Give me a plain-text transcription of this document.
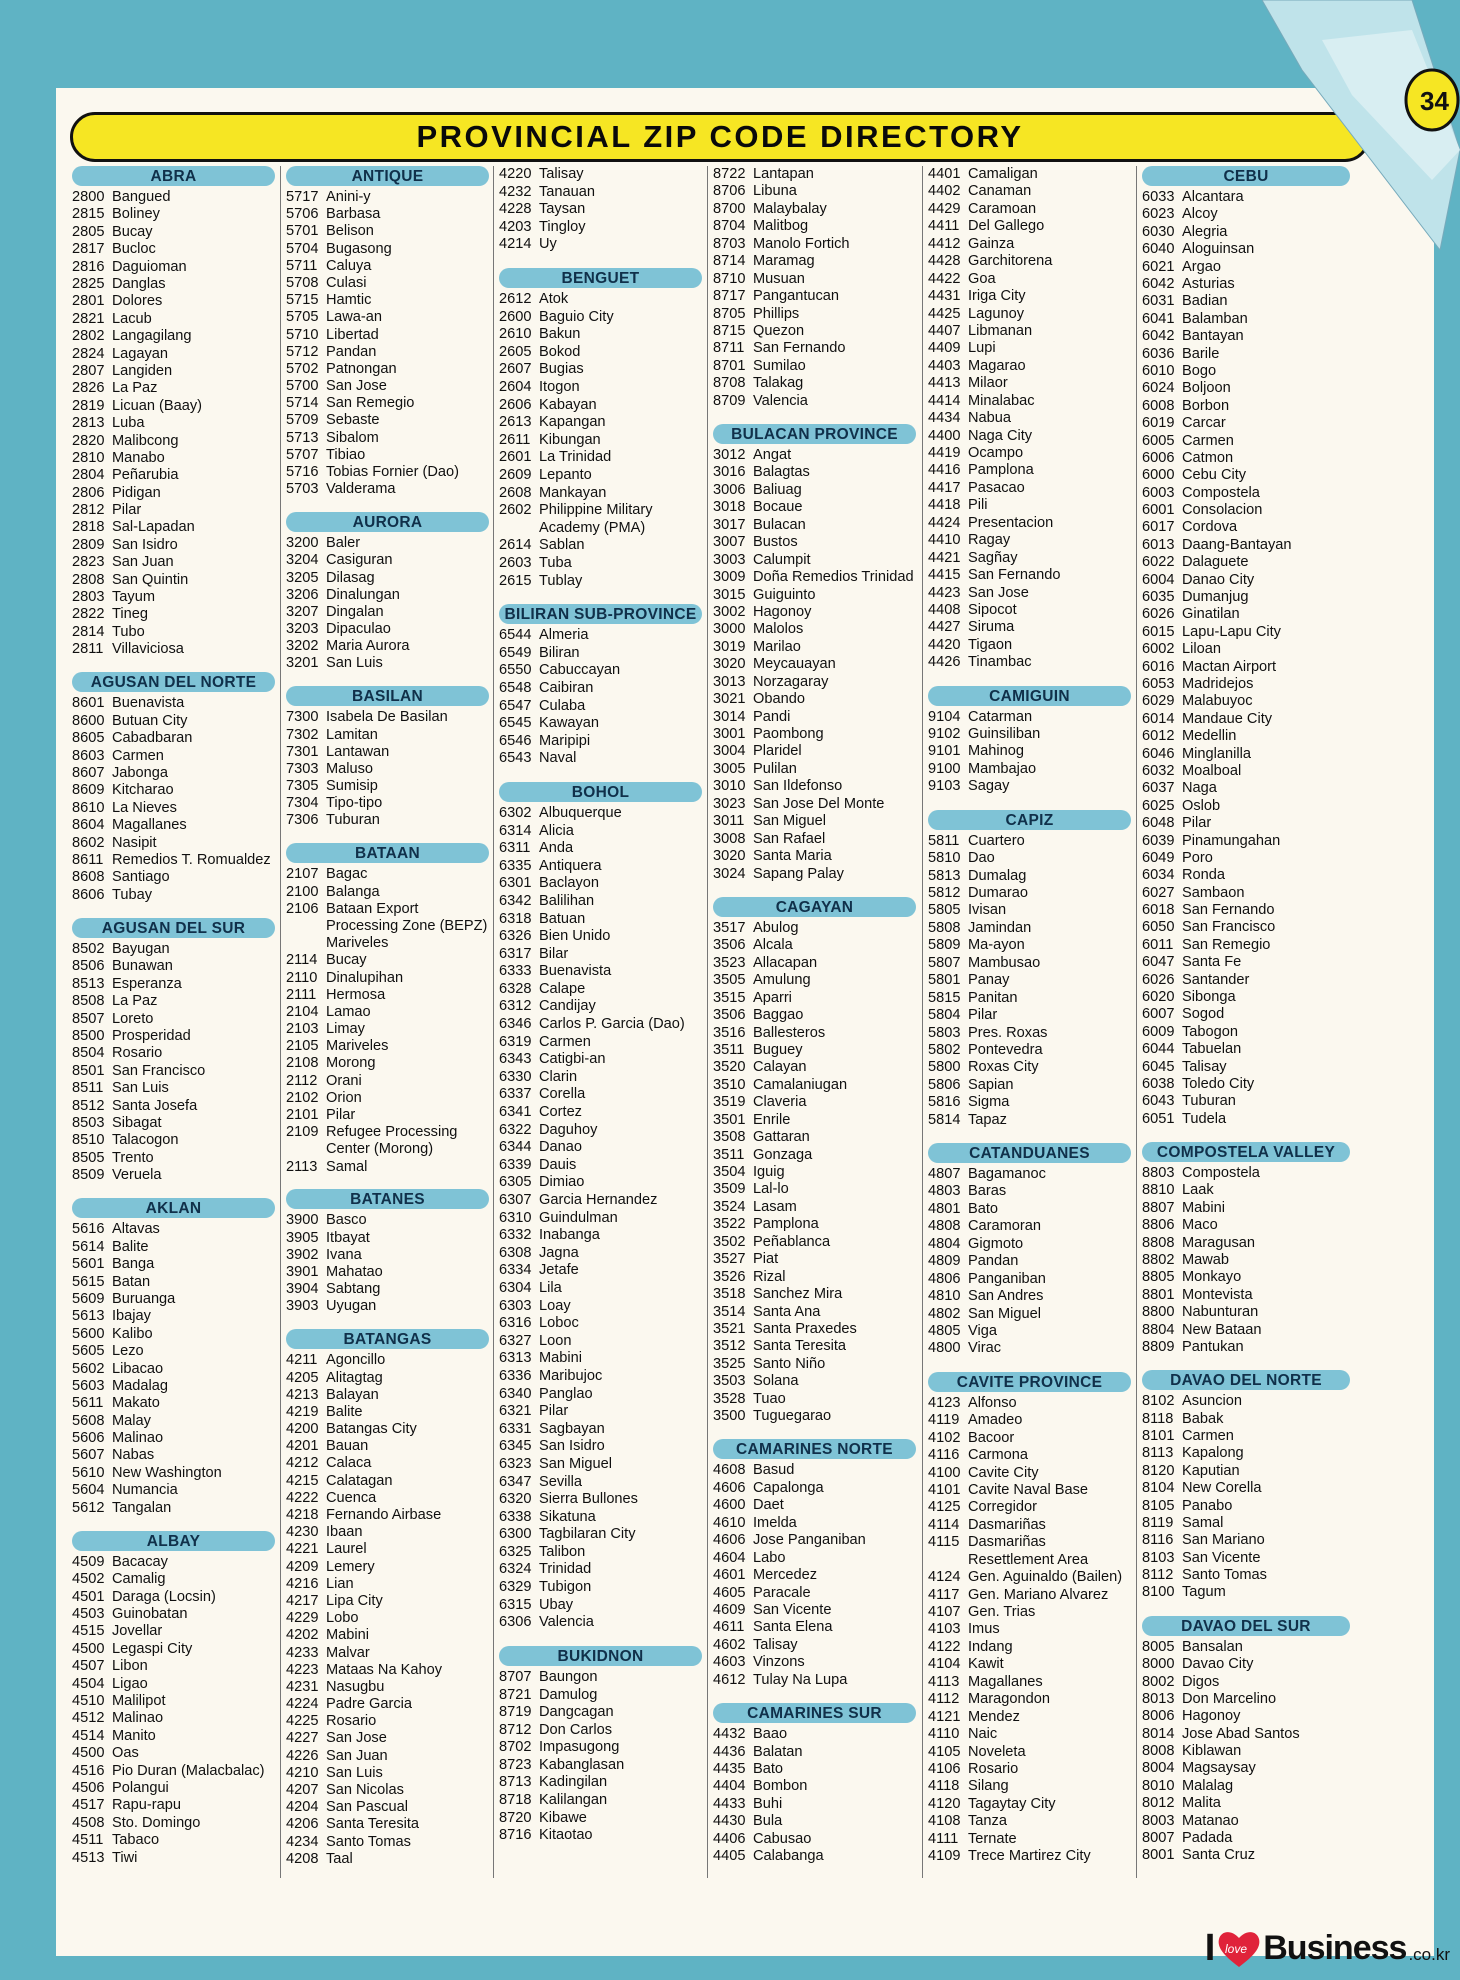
PROVINCIAL ZIP CODE DIRECTORY
34
ABRA
2800 Bangued
2815 Boliney
2805 Bucay
2817 Bucloc
2816 Daguioman
2825 Danglas
2801 Dolores
2821 Lacub
2802 Langagilang
2824 Lagayan
2807 Langiden
2826 La Paz
2819 Licuan (Baay)
2813 Luba
2820 Malibcong
2810 Manabo
2804 Peñarubia
2806 Pidigan
2812 Pilar
2818 Sal-Lapadan
2809 San Isidro
2823 San Juan
2808 San Quintin
2803 Tayum
2822 Tineg
2814 Tubo
2811 Villaviciosa
AGUSAN DEL NORTE
8601 Buenavista
8600 Butuan City
8605 Cabadbaran
8603 Carmen
8607 Jabonga
8609 Kitcharao
8610 La Nieves
8604 Magallanes
8602 Nasipit
8611 Remedios T. Romualdez
8608 Santiago
8606 Tubay
AGUSAN DEL SUR
8502 Bayugan
8506 Bunawan
8513 Esperanza
8508 La Paz
8507 Loreto
8500 Prosperidad
8504 Rosario
8501 San Francisco
8511 San Luis
8512 Santa Josefa
8503 Sibagat
8510 Talacogon
8505 Trento
8509 Veruela
AKLAN
5616 Altavas
5614 Balite
5601 Banga
5615 Batan
5609 Buruanga
5613 Ibajay
5600 Kalibo
5605 Lezo
5602 Libacao
5603 Madalag
5611 Makato
5608 Malay
5606 Malinao
5607 Nabas
5610 New Washington
5604 Numancia
5612 Tangalan
ALBAY
4509 Bacacay
4502 Camalig
4501 Daraga (Locsin)
4503 Guinobatan
4515 Jovellar
4500 Legaspi City
4507 Libon
4504 Ligao
4510 Malilipot
4512 Malinao
4514 Manito
4500 Oas
4516 Pio Duran (Malacbalac)
4506 Polangui
4517 Rapu-rapu
4508 Sto. Domingo
4511 Tabaco
4513 Tiwi
ANTIQUE
5717 Anini-y
5706 Barbasa
5701 Belison
5704 Bugasong
5711 Caluya
5708 Culasi
5715 Hamtic
5705 Lawa-an
5710 Libertad
5712 Pandan
5702 Patnongan
5700 San Jose
5714 San Remegio
5709 Sebaste
5713 Sibalom
5707 Tibiao
5716 Tobias Fornier (Dao)
5703 Valderama
AURORA
3200 Baler
3204 Casiguran
3205 Dilasag
3206 Dinalungan
3207 Dingalan
3203 Dipaculao
3202 Maria Aurora
3201 San Luis
BASILAN
7300 Isabela De Basilan
7302 Lamitan
7301 Lantawan
7303 Maluso
7305 Sumisip
7304 Tipo-tipo
7306 Tuburan
BATAAN
2107 Bagac
2100 Balanga
2106 Bataan Export Processing Zone (BEPZ) Mariveles
2114 Bucay
2110 Dinalupihan
2111 Hermosa
2104 Lamao
2103 Limay
2105 Mariveles
2108 Morong
2112 Orani
2102 Orion
2101 Pilar
2109 Refugee Processing Center (Morong)
2113 Samal
BATANES
3900 Basco
3905 Itbayat
3902 Ivana
3901 Mahatao
3904 Sabtang
3903 Uyugan
BATANGAS
4211 Agoncillo
4205 Alitagtag
4213 Balayan
4219 Balite
4200 Batangas City
4201 Bauan
4212 Calaca
4215 Calatagan
4222 Cuenca
4218 Fernando Airbase
4230 Ibaan
4221 Laurel
4209 Lemery
4216 Lian
4217 Lipa City
4229 Lobo
4202 Mabini
4233 Malvar
4223 Mataas Na Kahoy
4231 Nasugbu
4224 Padre Garcia
4225 Rosario
4227 San Jose
4226 San Juan
4210 San Luis
4207 San Nicolas
4204 San Pascual
4206 Santa Teresita
4234 Santo Tomas
4208 Taal
4220 Talisay
4232 Tanauan
4228 Taysan
4203 Tingloy
4214 Uy
BENGUET
2612 Atok
2600 Baguio City
2610 Bakun
2605 Bokod
2607 Bugias
2604 Itogon
2606 Kabayan
2613 Kapangan
2611 Kibungan
2601 La Trinidad
2609 Lepanto
2608 Mankayan
2602 Philippine Military Academy (PMA)
2614 Sablan
2603 Tuba
2615 Tublay
BILIRAN SUB-PROVINCE
6544 Almeria
6549 Biliran
6550 Cabuccayan
6548 Caibiran
6547 Culaba
6545 Kawayan
6546 Maripipi
6543 Naval
BOHOL
6302 Albuquerque
6314 Alicia
6311 Anda
6335 Antiquera
6301 Baclayon
6342 Balilihan
6318 Batuan
6326 Bien Unido
6317 Bilar
6333 Buenavista
6328 Calape
6312 Candijay
6346 Carlos P. Garcia (Dao)
6319 Carmen
6343 Catigbi-an
6330 Clarin
6337 Corella
6341 Cortez
6322 Daguhoy
6344 Danao
6339 Dauis
6305 Dimiao
6307 Garcia Hernandez
6310 Guindulman
6332 Inabanga
6308 Jagna
6334 Jetafe
6304 Lila
6303 Loay
6316 Loboc
6327 Loon
6313 Mabini
6336 Maribujoc
6340 Panglao
6321 Pilar
6331 Sagbayan
6345 San Isidro
6323 San Miguel
6347 Sevilla
6320 Sierra Bullones
6338 Sikatuna
6300 Tagbilaran City
6325 Talibon
6324 Trinidad
6329 Tubigon
6315 Ubay
6306 Valencia
BUKIDNON
8707 Baungon
8721 Damulog
8719 Dangcagan
8712 Don Carlos
8702 Impasugong
8723 Kabanglasan
8713 Kadingilan
8718 Kalilangan
8720 Kibawe
8716 Kitaotao
8722 Lantapan
8706 Libuna
8700 Malaybalay
8704 Malitbog
8703 Manolo Fortich
8714 Maramag
8710 Musuan
8717 Pangantucan
8705 Phillips
8715 Quezon
8711 San Fernando
8701 Sumilao
8708 Talakag
8709 Valencia
BULACAN PROVINCE
3012 Angat
3016 Balagtas
3006 Baliuag
3018 Bocaue
3017 Bulacan
3007 Bustos
3003 Calumpit
3009 Doña Remedios Trinidad
3015 Guiguinto
3002 Hagonoy
3000 Malolos
3019 Marilao
3020 Meycauayan
3013 Norzagaray
3021 Obando
3014 Pandi
3001 Paombong
3004 Plaridel
3005 Pulilan
3010 San Ildefonso
3023 San Jose Del Monte
3011 San Miguel
3008 San Rafael
3020 Santa Maria
3024 Sapang Palay
CAGAYAN
3517 Abulog
3506 Alcala
3523 Allacapan
3505 Amulung
3515 Aparri
3506 Baggao
3516 Ballesteros
3511 Buguey
3520 Calayan
3510 Camalaniugan
3519 Claveria
3501 Enrile
3508 Gattaran
3511 Gonzaga
3504 Iguig
3509 Lal-lo
3524 Lasam
3522 Pamplona
3502 Peñablanca
3527 Piat
3526 Rizal
3518 Sanchez Mira
3514 Santa Ana
3521 Santa Praxedes
3512 Santa Teresita
3525 Santo Niño
3503 Solana
3528 Tuao
3500 Tuguegarao
CAMARINES NORTE
4608 Basud
4606 Capalonga
4600 Daet
4610 Imelda
4606 Jose Panganiban
4604 Labo
4601 Mercedez
4605 Paracale
4609 San Vicente
4611 Santa Elena
4602 Talisay
4603 Vinzons
4612 Tulay Na Lupa
CAMARINES SUR
4432 Baao
4436 Balatan
4435 Bato
4404 Bombon
4433 Buhi
4430 Bula
4406 Cabusao
4405 Calabanga
4401 Camaligan
4402 Canaman
4429 Caramoan
4411 Del Gallego
4412 Gainza
4428 Garchitorena
4422 Goa
4431 Iriga City
4425 Lagunoy
4407 Libmanan
4409 Lupi
4403 Magarao
4413 Milaor
4414 Minalabac
4434 Nabua
4400 Naga City
4419 Ocampo
4416 Pamplona
4417 Pasacao
4418 Pili
4424 Presentacion
4410 Ragay
4421 Sagñay
4415 San Fernando
4423 San Jose
4408 Sipocot
4427 Siruma
4420 Tigaon
4426 Tinambac
CAMIGUIN
9104 Catarman
9102 Guinsiliban
9101 Mahinog
9100 Mambajao
9103 Sagay
CAPIZ
5811 Cuartero
5810 Dao
5813 Dumalag
5812 Dumarao
5805 Ivisan
5808 Jamindan
5809 Ma-ayon
5807 Mambusao
5801 Panay
5815 Panitan
5804 Pilar
5803 Pres. Roxas
5802 Pontevedra
5800 Roxas City
5806 Sapian
5816 Sigma
5814 Tapaz
CATANDUANES
4807 Bagamanoc
4803 Baras
4801 Bato
4808 Caramoran
4804 Gigmoto
4809 Pandan
4806 Panganiban
4810 San Andres
4802 San Miguel
4805 Viga
4800 Virac
CAVITE PROVINCE
4123 Alfonso
4119 Amadeo
4102 Bacoor
4116 Carmona
4100 Cavite City
4101 Cavite Naval Base
4125 Corregidor
4114 Dasmariñas
4115 Dasmariñas Resettlement Area
4124 Gen. Aguinaldo (Bailen)
4117 Gen. Mariano Alvarez
4107 Gen. Trias
4103 Imus
4122 Indang
4104 Kawit
4113 Magallanes
4112 Maragondon
4121 Mendez
4110 Naic
4105 Noveleta
4106 Rosario
4118 Silang
4120 Tagaytay City
4108 Tanza
4111 Ternate
4109 Trece Martirez City
CEBU
6033 Alcantara
6023 Alcoy
6030 Alegria
6040 Aloguinsan
6021 Argao
6042 Asturias
6031 Badian
6041 Balamban
6042 Bantayan
6036 Barile
6010 Bogo
6024 Boljoon
6008 Borbon
6019 Carcar
6005 Carmen
6006 Catmon
6000 Cebu City
6003 Compostela
6001 Consolacion
6017 Cordova
6013 Daang-Bantayan
6022 Dalaguete
6004 Danao City
6035 Dumanjug
6026 Ginatilan
6015 Lapu-Lapu City
6002 Liloan
6016 Mactan Airport
6053 Madridejos
6029 Malabuyoc
6014 Mandaue City
6012 Medellin
6046 Minglanilla
6032 Moalboal
6037 Naga
6025 Oslob
6048 Pilar
6039 Pinamungahan
6049 Poro
6034 Ronda
6027 Sambaon
6018 San Fernando
6050 San Francisco
6011 San Remegio
6047 Santa Fe
6026 Santander
6020 Sibonga
6007 Sogod
6009 Tabogon
6044 Tabuelan
6045 Talisay
6038 Toledo City
6043 Tuburan
6051 Tudela
COMPOSTELA VALLEY
8803 Compostela
8810 Laak
8807 Mabini
8806 Maco
8808 Maragusan
8802 Mawab
8805 Monkayo
8801 Montevista
8800 Nabunturan
8804 New Bataan
8809 Pantukan
DAVAO DEL NORTE
8102 Asuncion
8118 Babak
8101 Carmen
8113 Kapalong
8120 Kaputian
8104 New Corella
8105 Panabo
8119 Samal
8116 San Mariano
8103 San Vicente
8112 Santo Tomas
8100 Tagum
DAVAO DEL SUR
8005 Bansalan
8000 Davao City
8002 Digos
8013 Don Marcelino
8006 Hagonoy
8014 Jose Abad Santos
8008 Kiblawan
8004 Magsaysay
8010 Malalag
8012 Malita
8003 Matanao
8007 Padada
8001 Santa Cruz
I love Business .co.kr
